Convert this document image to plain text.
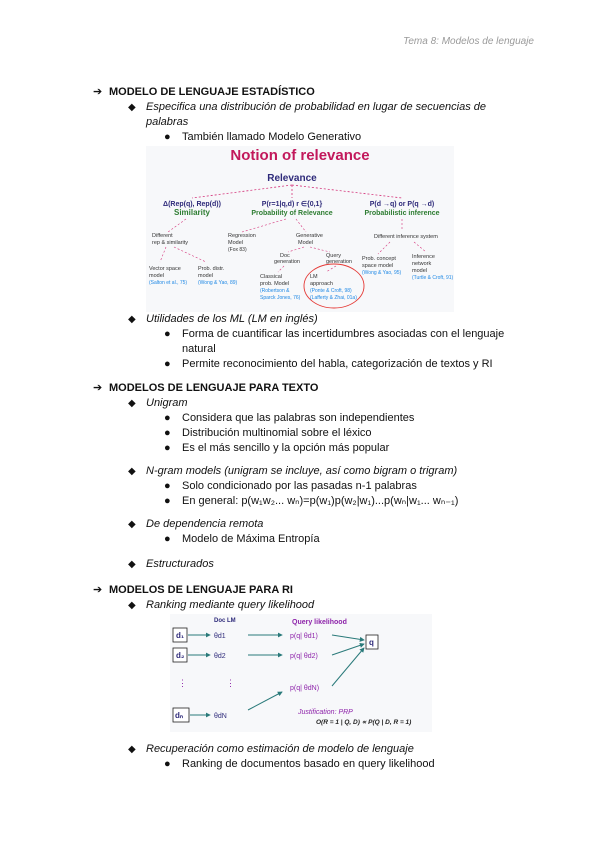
Tema 8: Modelos de lenguaje
➔ MODELO DE LENGUAJE ESTADÍSTICO
◆ Especifica una distribución de probabilidad en lugar de secuencias de
palabras
●	También llamado Modelo Generativo
Notion of relevance
Relevance
Δ(Rep(q), Rep(d))
Similarity
P(r=1|q,d) r ∈{0,1}
Probability of Relevance
P(d →q) or P(q →d)
Probabilistic inference
Different
rep & similarity
Vector space
model
(Salton et al., 75)
Prob. distr.
model
(Wong & Yao, 89)
Regression
Model
(Fox 83)
Generative
Model
Doc
generation
Query
generation
Classical
prob. Model
(Robertson &
Sparck Jones, 76)
LM
approach
(Ponte & Croft, 98)
(Lafferty & Zhai, 01a)
Different inference system
Prob. concept
space model
(Wong & Yao, 95)
Inference
network
model
(Turtle & Croft, 91)
◆ Utilidades de los ML (LM en inglés)
●	Forma de cuantificar las incertidumbres asociadas con el lenguaje
natural
●	Permite reconocimiento del habla, categorización de textos y RI
➔ MODELOS DE LENGUAJE PARA TEXTO
◆ Unigram
●	Considera que las palabras son independientes
●	Distribución multinomial sobre el léxico
●	Es el más sencillo y la opción más popular
◆ N-gram models (unigram se incluye, así como bigram o trigram)
●	Solo condicionado por las pasadas n-1 palabras
●	En general: p(w₁w₂... wₙ)=p(w₁)p(w₂|w₁)...p(wₙ|w₁... wₙ₋₁)
◆ De dependencia remota
●	Modelo de Máxima Entropía
◆ Estructurados
➔ MODELOS DE LENGUAJE PARA RI
◆ Ranking mediante query likelihood
Doc LM	Query likelihood
d₁	θd1	p(q| θd1)
d₂	θd2	p(q| θd2)
⋮	⋮
dₙ	θdN
p(q| θdN)
q
Justification: PRP
O(R = 1 | Q, D) ∝ P(Q | D, R = 1)
◆ Recuperación como estimación de modelo de lenguaje
●	Ranking de documentos basado en query likelihood
